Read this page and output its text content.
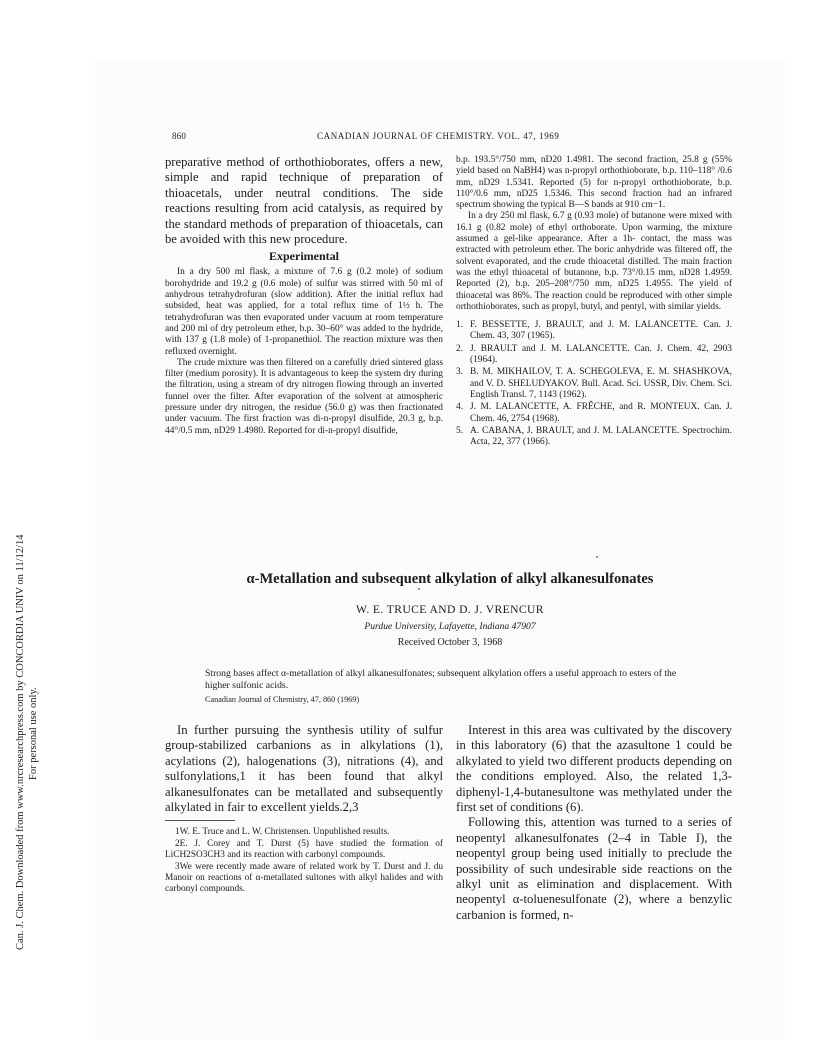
Can. J. Chem. Downloaded from www.nrcresearchpress.com by CONCORDIA UNIV on 11/12/14 For personal use only.
860	CANADIAN JOURNAL OF CHEMISTRY. VOL. 47, 1969

preparative method of orthothioborates, offers a new, simple and rapid technique of preparation of thioacetals, under neutral conditions. The side reactions resulting from acid catalysis, as required by the standard methods of preparation of thioacetals, can be avoided with this new procedure.

Experimental

In a dry 500 ml flask, a mixture of 7.6 g (0.2 mole) of sodium borohydride and 19.2 g (0.6 mole) of sulfur was stirred with 50 ml of anhydrous tetrahydrofuran (slow addition). After the initial reflux had subsided, heat was applied, for a total reflux time of 1½ h. The tetrahydrofuran was then evaporated under vacuum at room temperature and 200 ml of dry petroleum ether, b.p. 30–60° was added to the hydride, with 137 g (1.8 mole) of 1-propanethiol. The reaction mixture was then refluxed overnight.

The crude mixture was then filtered on a carefully dried sintered glass filter (medium porosity). It is advantageous to keep the system dry during the filtration, using a stream of dry nitrogen flowing through an inverted funnel over the filter. After evaporation of the solvent at atmospheric pressure under dry nitrogen, the residue (56.0 g) was then fractionated under vacuum. The first fraction was di-n-propyl disulfide, 20.3 g, b.p. 44°/0.5 mm, nD29 1.4980. Reported for di-n-propyl disulfide,

b.p. 193.5°/750 mm, nD20 1.4981. The second fraction, 25.8 g (55% yield based on NaBH4) was n-propyl orthothioborate, b.p. 110–118° /0.6 mm, nD29 1.5341. Reported (5) for n-propyl orthothioborate, b.p. 110°/0.6 mm, nD25 1.5346. This second fraction had an infrared spectrum showing the typical B—S bands at 910 cm−1.

In a dry 250 ml flask, 6.7 g (0.93 mole) of butanone were mixed with 16.1 g (0.82 mole) of ethyl orthoborate. Upon warming, the mixture assumed a gel-like appearance. After a 1h- contact, the mass was extracted with petroleum ether. The boric anhydride was filtered off, the solvent evaporated, and the crude thioacetal distilled. The main fraction was the ethyl thioacetal of butanone, b.p. 73°/0.15 mm, nD28 1.4959. Reported (2), b.p. 205–208°/750 mm, nD25 1.4955. The yield of thioacetal was 86%. The reaction could be reproduced with other simple orthothioborates, such as propyl, butyl, and pentyl, with similar yields.

1. F. BESSETTE, J. BRAULT, and J. M. LALANCETTE. Can. J. Chem. 43, 307 (1965).
2. J. BRAULT and J. M. LALANCETTE. Can. J. Chem. 42, 2903 (1964).
3. B. M. MIKHAILOV, T. A. SCHEGOLEVA, E. M. SHASHKOVA, and V. D. SHELUDYAKOV. Bull. Acad. Sci. USSR, Div. Chem. Sci. English Transl. 7, 1143 (1962).
4. J. M. LALANCETTE, A. FRÊCHE, and R. MONTEUX. Can. J. Chem. 46, 2754 (1968).
5. A. CABANA, J. BRAULT, and J. M. LALANCETTE. Spectrochim. Acta, 22, 377 (1966).
α-Metallation and subsequent alkylation of alkyl alkanesulfonates
W. E. TRUCE AND D. J. VRENCUR
Purdue University, Lafayette, Indiana 47907
Received October 3, 1968

Strong bases affect α-metallation of alkyl alkanesulfonates; subsequent alkylation offers a useful approach to esters of the higher sulfonic acids.

Canadian Journal of Chemistry, 47, 860 (1969)

In further pursuing the synthesis utility of sulfur group-stabilized carbanions as in alkylations (1), acylations (2), halogenations (3), nitrations (4), and sulfonylations,1 it has been found that alkyl alkanesulfonates can be metallated and subsequently alkylated in fair to excellent yields.2,3

1W. E. Truce and L. W. Christensen. Unpublished results.

2E. J. Corey and T. Durst (5) have studied the formation of LiCH2SO3CH3 and its reaction with carbonyl compounds.

3We were recently made aware of related work by T. Durst and J. du Manoir on reactions of α-metallated sultones with alkyl halides and with carbonyl compounds.

Interest in this area was cultivated by the discovery in this laboratory (6) that the azasultone 1 could be alkylated to yield two different products depending on the conditions employed. Also, the related 1,3-diphenyl-1,4-butanesultone was methylated under the first set of conditions (6).

Following this, attention was turned to a series of neopentyl alkanesulfonates (2–4 in Table I), the neopentyl group being used initially to preclude the possibility of such undesirable side reactions on the alkyl unit as elimination and displacement. With neopentyl α-toluenesulfonate (2), where a benzylic carbanion is formed, n-
